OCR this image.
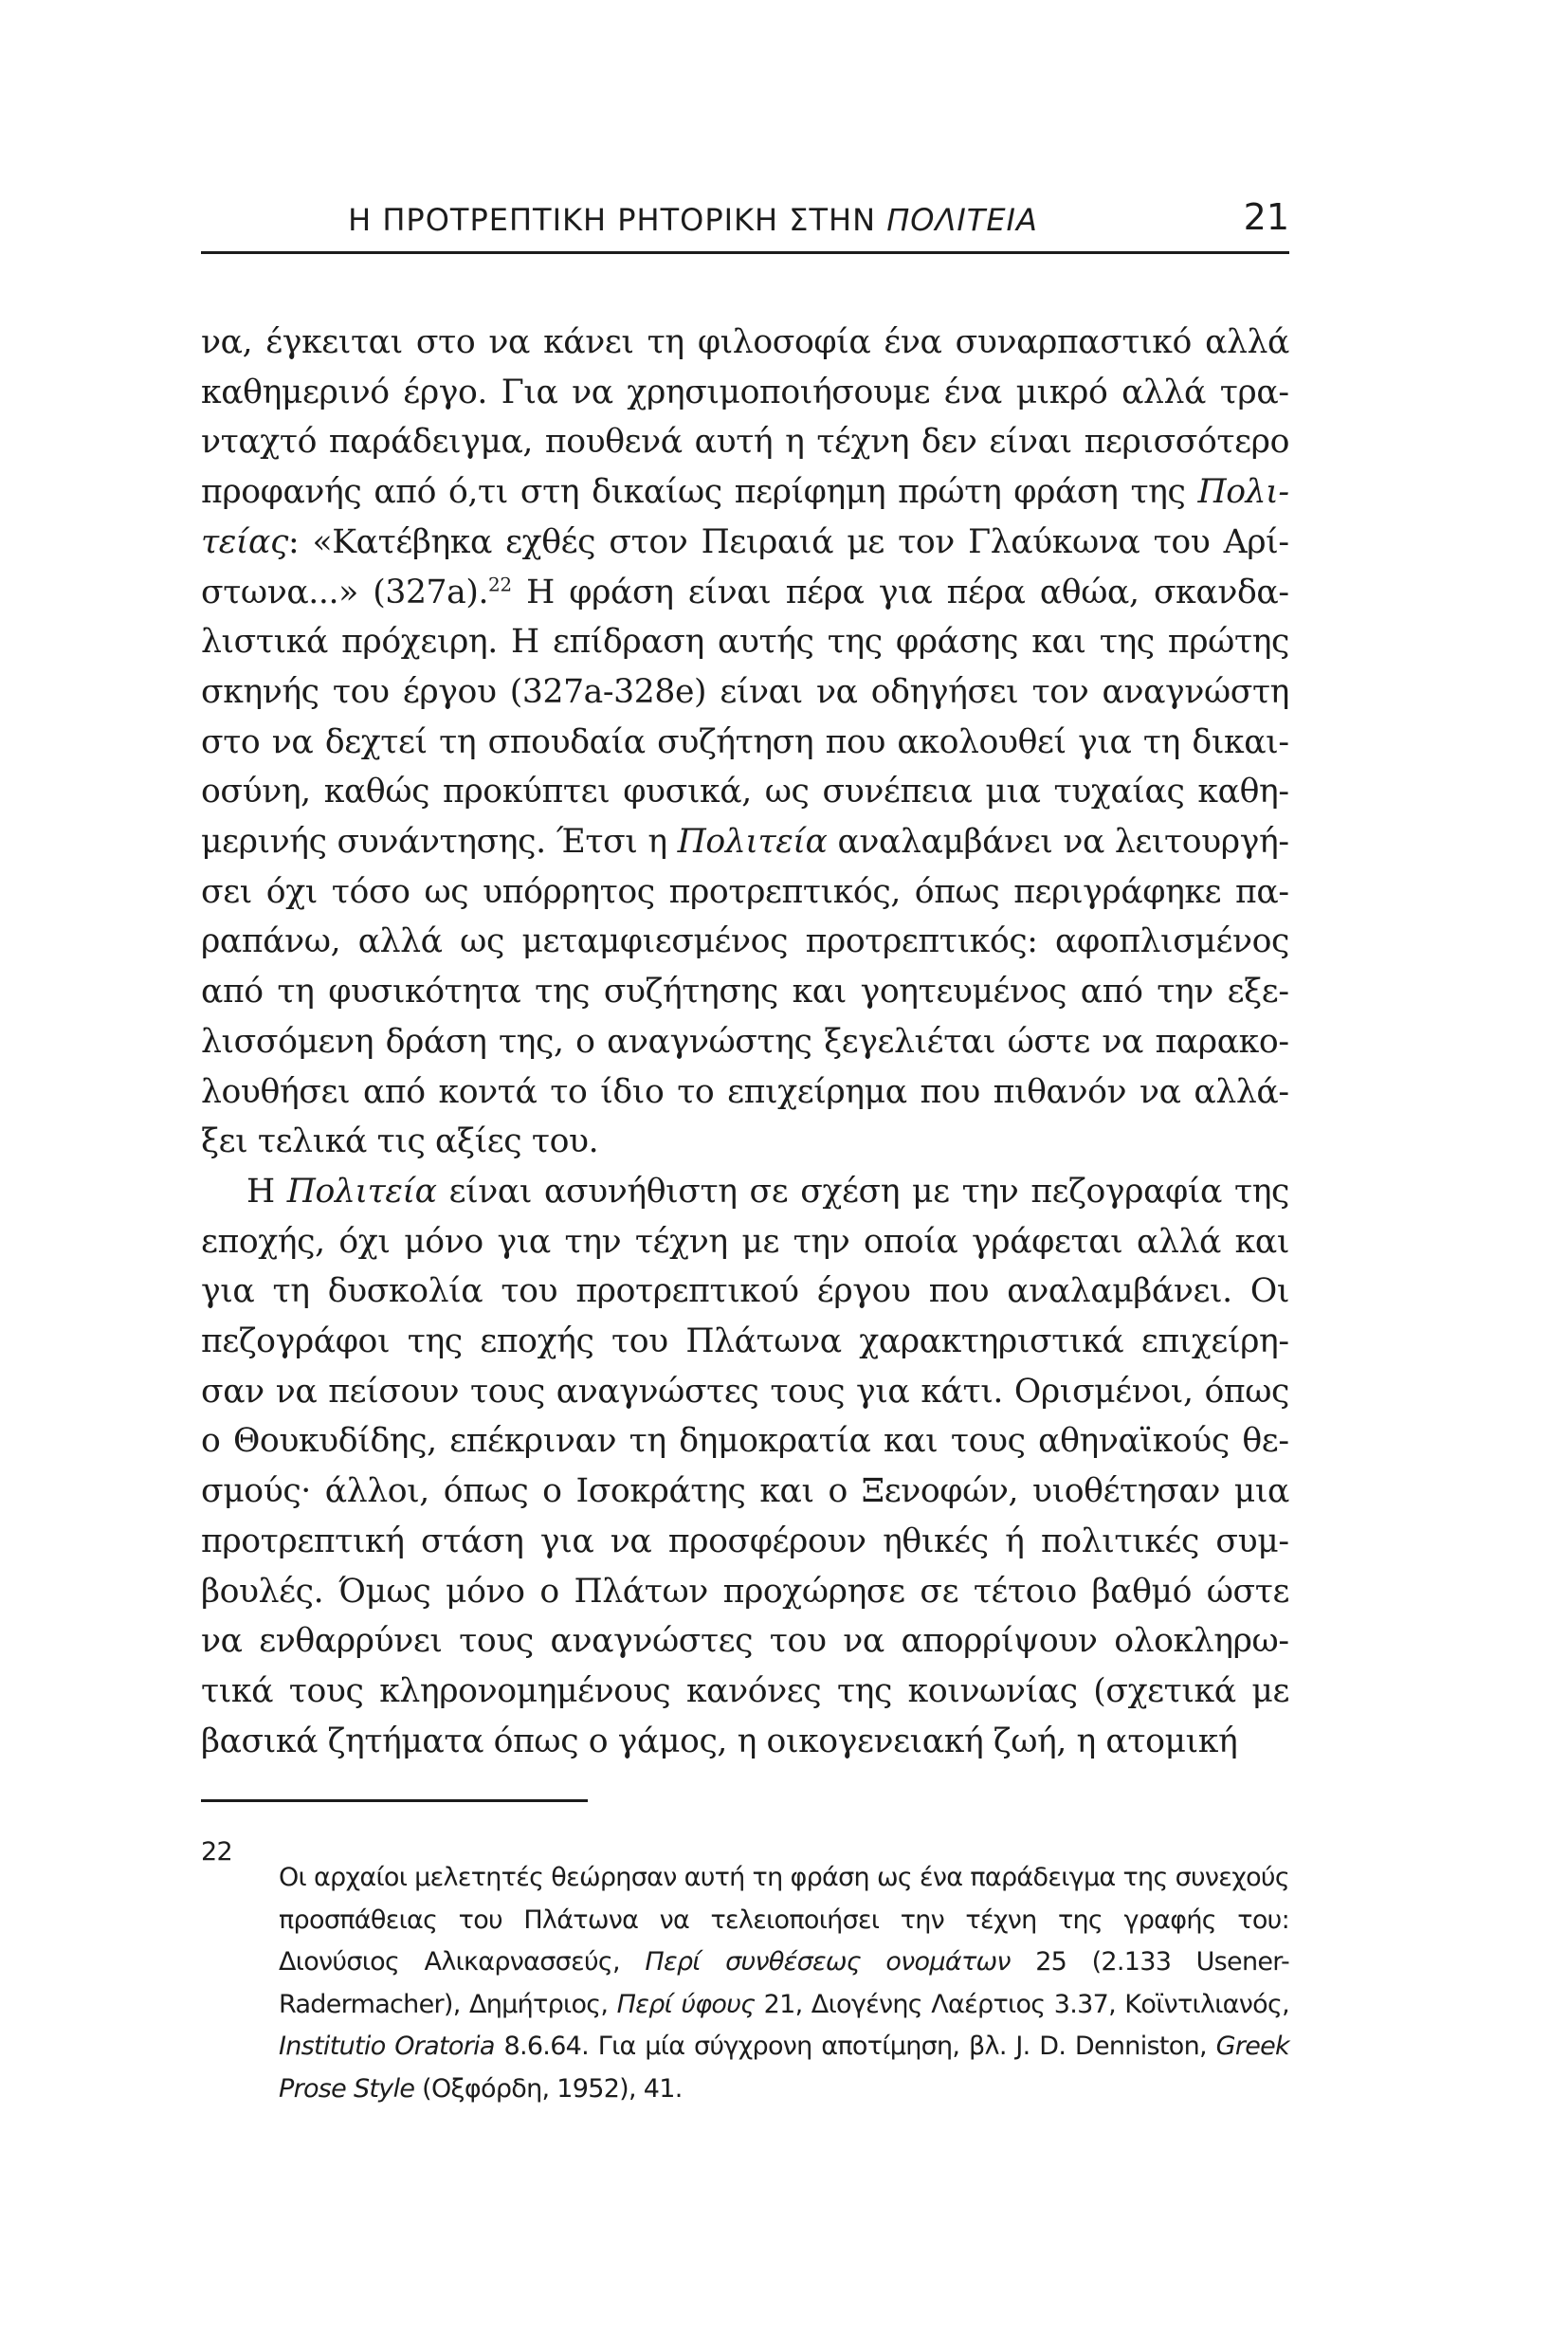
Η ΠΡΟΤΡΕΠΤΙΚΗ ΡΗΤΟΡΙΚΗ ΣΤΗΝ ΠΟΛΙΤΕΙΑ	21

να, έγκειται στο να κάνει τη φιλοσοφία ένα συναρπαστικό αλλά καθημερινό έργο. Για να χρησιμοποιήσουμε ένα μικρό αλλά τρανταχτό παράδειγμα, πουθενά αυτή η τέχνη δεν είναι περισσότερο προφανής από ό,τι στη δικαίως περίφημη πρώτη φράση της Πολιτείας: «Κατέβηκα εχθές στον Πειραιά με τον Γλαύκωνα του Αρίστωνα...» (327a).$^{22}$ Η φράση είναι πέρα για πέρα αθώα, σκανδαλιστικά πρόχειρη. Η επίδραση αυτής της φράσης και της πρώτης σκηνής του έργου (327a-328e) είναι να οδηγήσει τον αναγνώστη στο να δεχτεί τη σπουδαία συζήτηση που ακολουθεί για τη δικαιοσύνη, καθώς προκύπτει φυσικά, ως συνέπεια μια τυχαίας καθημερινής συνάντησης. Έτσι η Πολιτεία αναλαμβάνει να λειτουργήσει όχι τόσο ως υπόρρητος προτρεπτικός, όπως περιγράφηκε παραπάνω, αλλά ως μεταμφιεσμένος προτρεπτικός: αφοπλισμένος από τη φυσικότητα της συζήτησης και γοητευμένος από την εξελισσόμενη δράση της, ο αναγνώστης ξεγελιέται ώστε να παρακολουθήσει από κοντά το ίδιο το επιχείρημα που πιθανόν να αλλάξει τελικά τις αξίες του.

Η Πολιτεία είναι ασυνήθιστη σε σχέση με την πεζογραφία της εποχής, όχι μόνο για την τέχνη με την οποία γράφεται αλλά και για τη δυσκολία του προτρεπτικού έργου που αναλαμβάνει. Οι πεζογράφοι της εποχής του Πλάτωνα χαρακτηριστικά επιχείρησαν να πείσουν τους αναγνώστες τους για κάτι. Ορισμένοι, όπως ο Θουκυδίδης, επέκριναν τη δημοκρατία και τους αθηναϊκούς θεσμούς· άλλοι, όπως ο Ισοκράτης και ο Ξενοφών, υιοθέτησαν μια προτρεπτική στάση για να προσφέρουν ηθικές ή πολιτικές συμβουλές. Όμως μόνο ο Πλάτων προχώρησε σε τέτοιο βαθμό ώστε να ενθαρρύνει τους αναγνώστες του να απορρίψουν ολοκληρωτικά τους κληρονομημένους κανόνες της κοινωνίας (σχετικά με βασικά ζητήματα όπως ο γάμος, η οικογενειακή ζωή, η ατομική

22

Οι αρχαίοι μελετητές θεώρησαν αυτή τη φράση ως ένα παράδειγμα της συνεχούς προσπάθειας του Πλάτωνα να τελειοποιήσει την τέχνη της γραφής του: Διονύσιος Αλικαρνασσεύς, Περί συνθέσεως ονομάτων 25 (2.133 Usener-Radermacher), Δημήτριος, Περί ύφους 21, Διογένης Λαέρτιος 3.37, Κοϊντιλιανός, Institutio Oratoria 8.6.64. Για μία σύγχρονη αποτίμηση, βλ. J. D. Denniston, Greek Prose Style (Οξφόρδη, 1952), 41.
